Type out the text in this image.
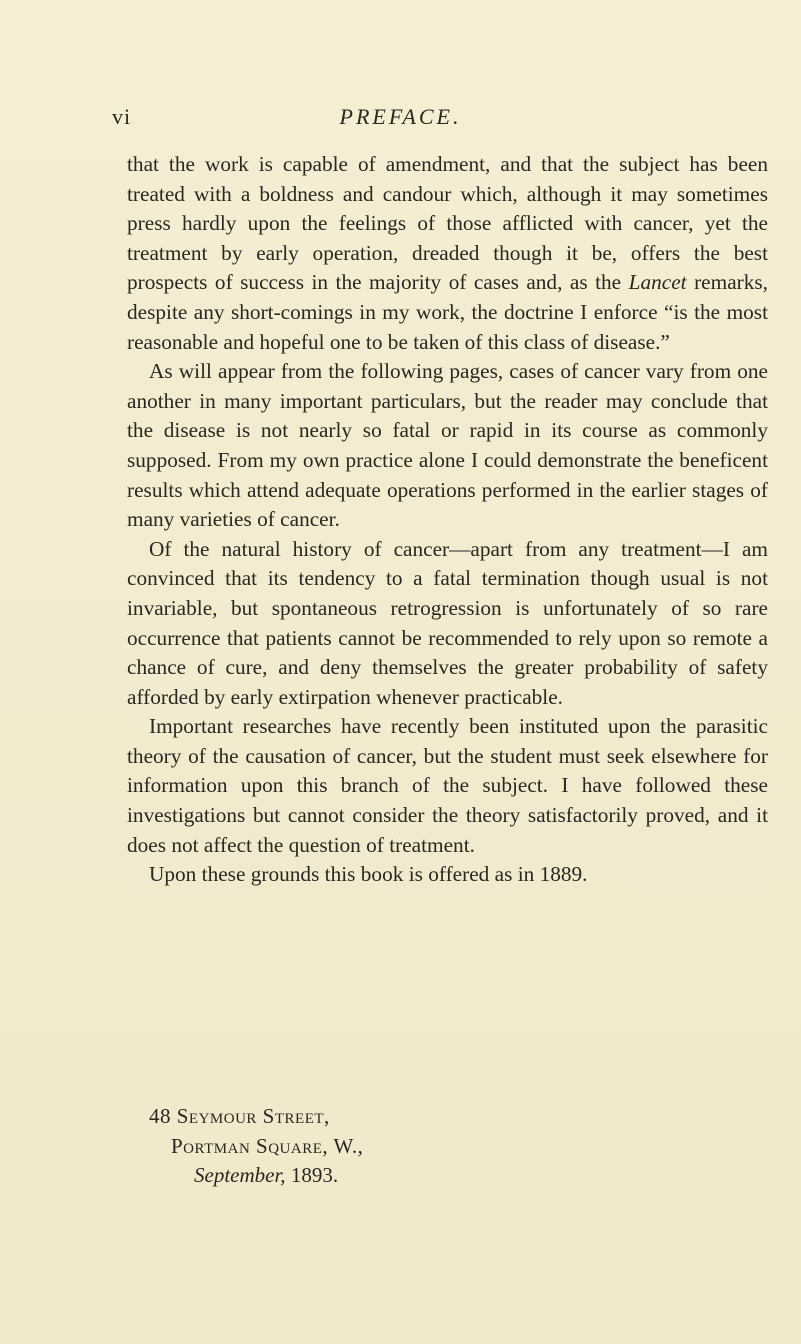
vi	PREFACE.

that the work is capable of amendment, and that the subject has been treated with a boldness and candour which, although it may sometimes press hardly upon the feelings of those afflicted with cancer, yet the treatment by early operation, dreaded though it be, offers the best prospects of success in the majority of cases and, as the Lancet remarks, despite any short-comings in my work, the doctrine I enforce “is the most reasonable and hopeful one to be taken of this class of disease.”

As will appear from the following pages, cases of cancer vary from one another in many important particulars, but the reader may conclude that the disease is not nearly so fatal or rapid in its course as commonly supposed. From my own practice alone I could demonstrate the beneficent results which attend adequate operations performed in the earlier stages of many varieties of cancer.

Of the natural history of cancer—apart from any treatment—I am convinced that its tendency to a fatal termination though usual is not invariable, but spontaneous retrogression is unfortunately of so rare occurrence that patients cannot be recommended to rely upon so remote a chance of cure, and deny themselves the greater probability of safety afforded by early extirpation whenever practicable.

Important researches have recently been instituted upon the parasitic theory of the causation of cancer, but the student must seek elsewhere for information upon this branch of the subject. I have followed these investigations but cannot consider the theory satisfactorily proved, and it does not affect the question of treatment.

Upon these grounds this book is offered as in 1889.

48 Seymour Street,
Portman Square, W.,
September, 1893.
